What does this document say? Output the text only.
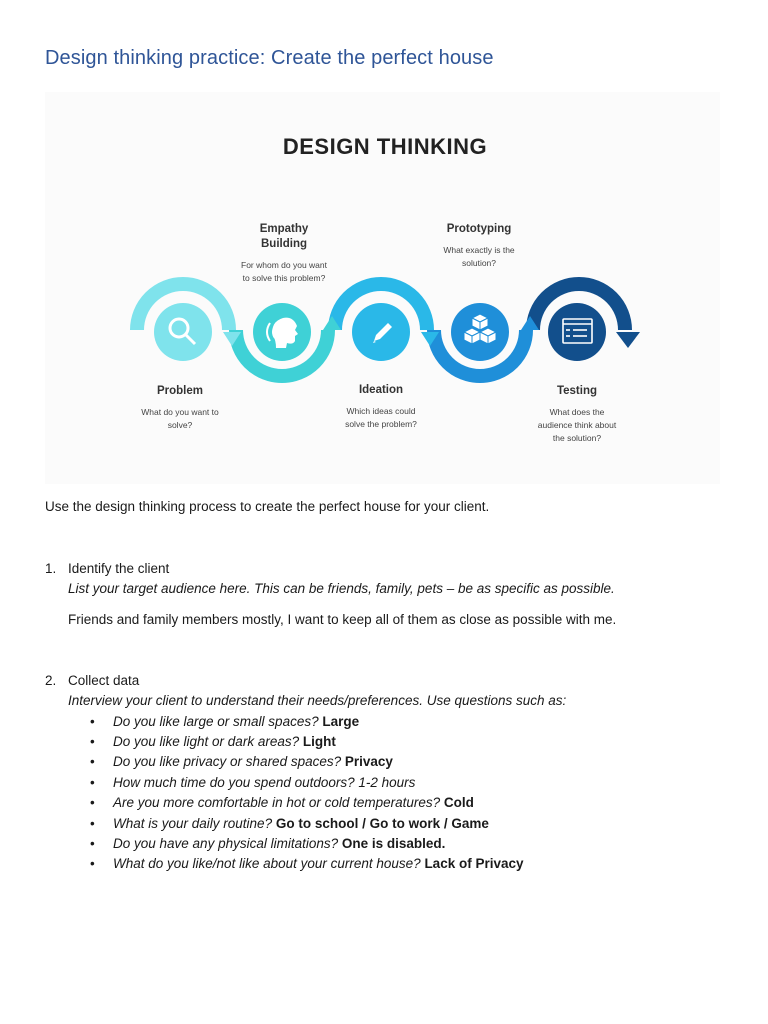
Design thinking practice: Create the perfect house
DESIGN THINKING
Problem
What do you want to
solve?
Empathy
Building
For whom do you want
to solve this problem?
Ideation
Which ideas could
solve the problem?
Prototyping
What exactly is the
solution?
Testing
What does the
audience think about
the solution?

Use the design thinking process to create the perfect house for your client.

1. Identify the client
List your target audience here. This can be friends, family, pets – be as specific as possible.
Friends and family members mostly, I want to keep all of them as close as possible with me.
2. Collect data
Interview your client to understand their needs/preferences. Use questions such as:
• Do you like large or small spaces? Large
• Do you like light or dark areas? Light
• Do you like privacy or shared spaces? Privacy
• How much time do you spend outdoors? 1-2 hours
• Are you more comfortable in hot or cold temperatures? Cold
• What is your daily routine? Go to school / Go to work / Game
• Do you have any physical limitations? One is disabled.
• What do you like/not like about your current house? Lack of Privacy
